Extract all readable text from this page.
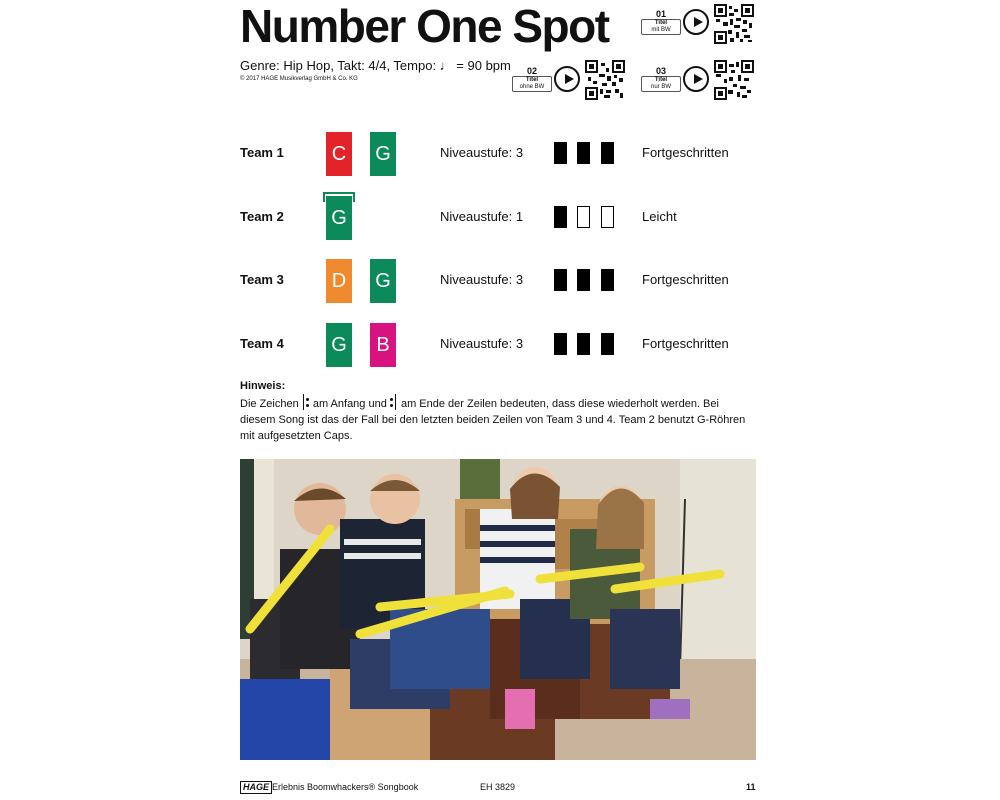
Number One Spot
Genre: Hip Hop, Takt: 4/4, Tempo: ♩ = 90 bpm
© 2017 HAGE Musikverlag GmbH & Co. KG
01
Titel
mit BW
02
Titel
ohne BW
03
Titel
nur BW
Team 1 C G	Niveaustufe: 3	Fortgeschritten
Team 2 G	Niveaustufe: 1	Leicht
Team 3 D G	Niveaustufe: 3	Fortgeschritten
Team 4 G	B	Niveaustufe: 3	Fortgeschritten
Hinweis:
Die Zeichen am Anfang und am Ende der Zeilen bedeuten, dass diese wiederholt werden. Bei diesem Song ist das der Fall bei den letzten beiden Zeilen von Team 3 und 4. Team 2 benutzt G-Röhren mit aufgesetzten Caps.
HAGE Erlebnis Boomwhackers® Songbook	EH 3829	11
